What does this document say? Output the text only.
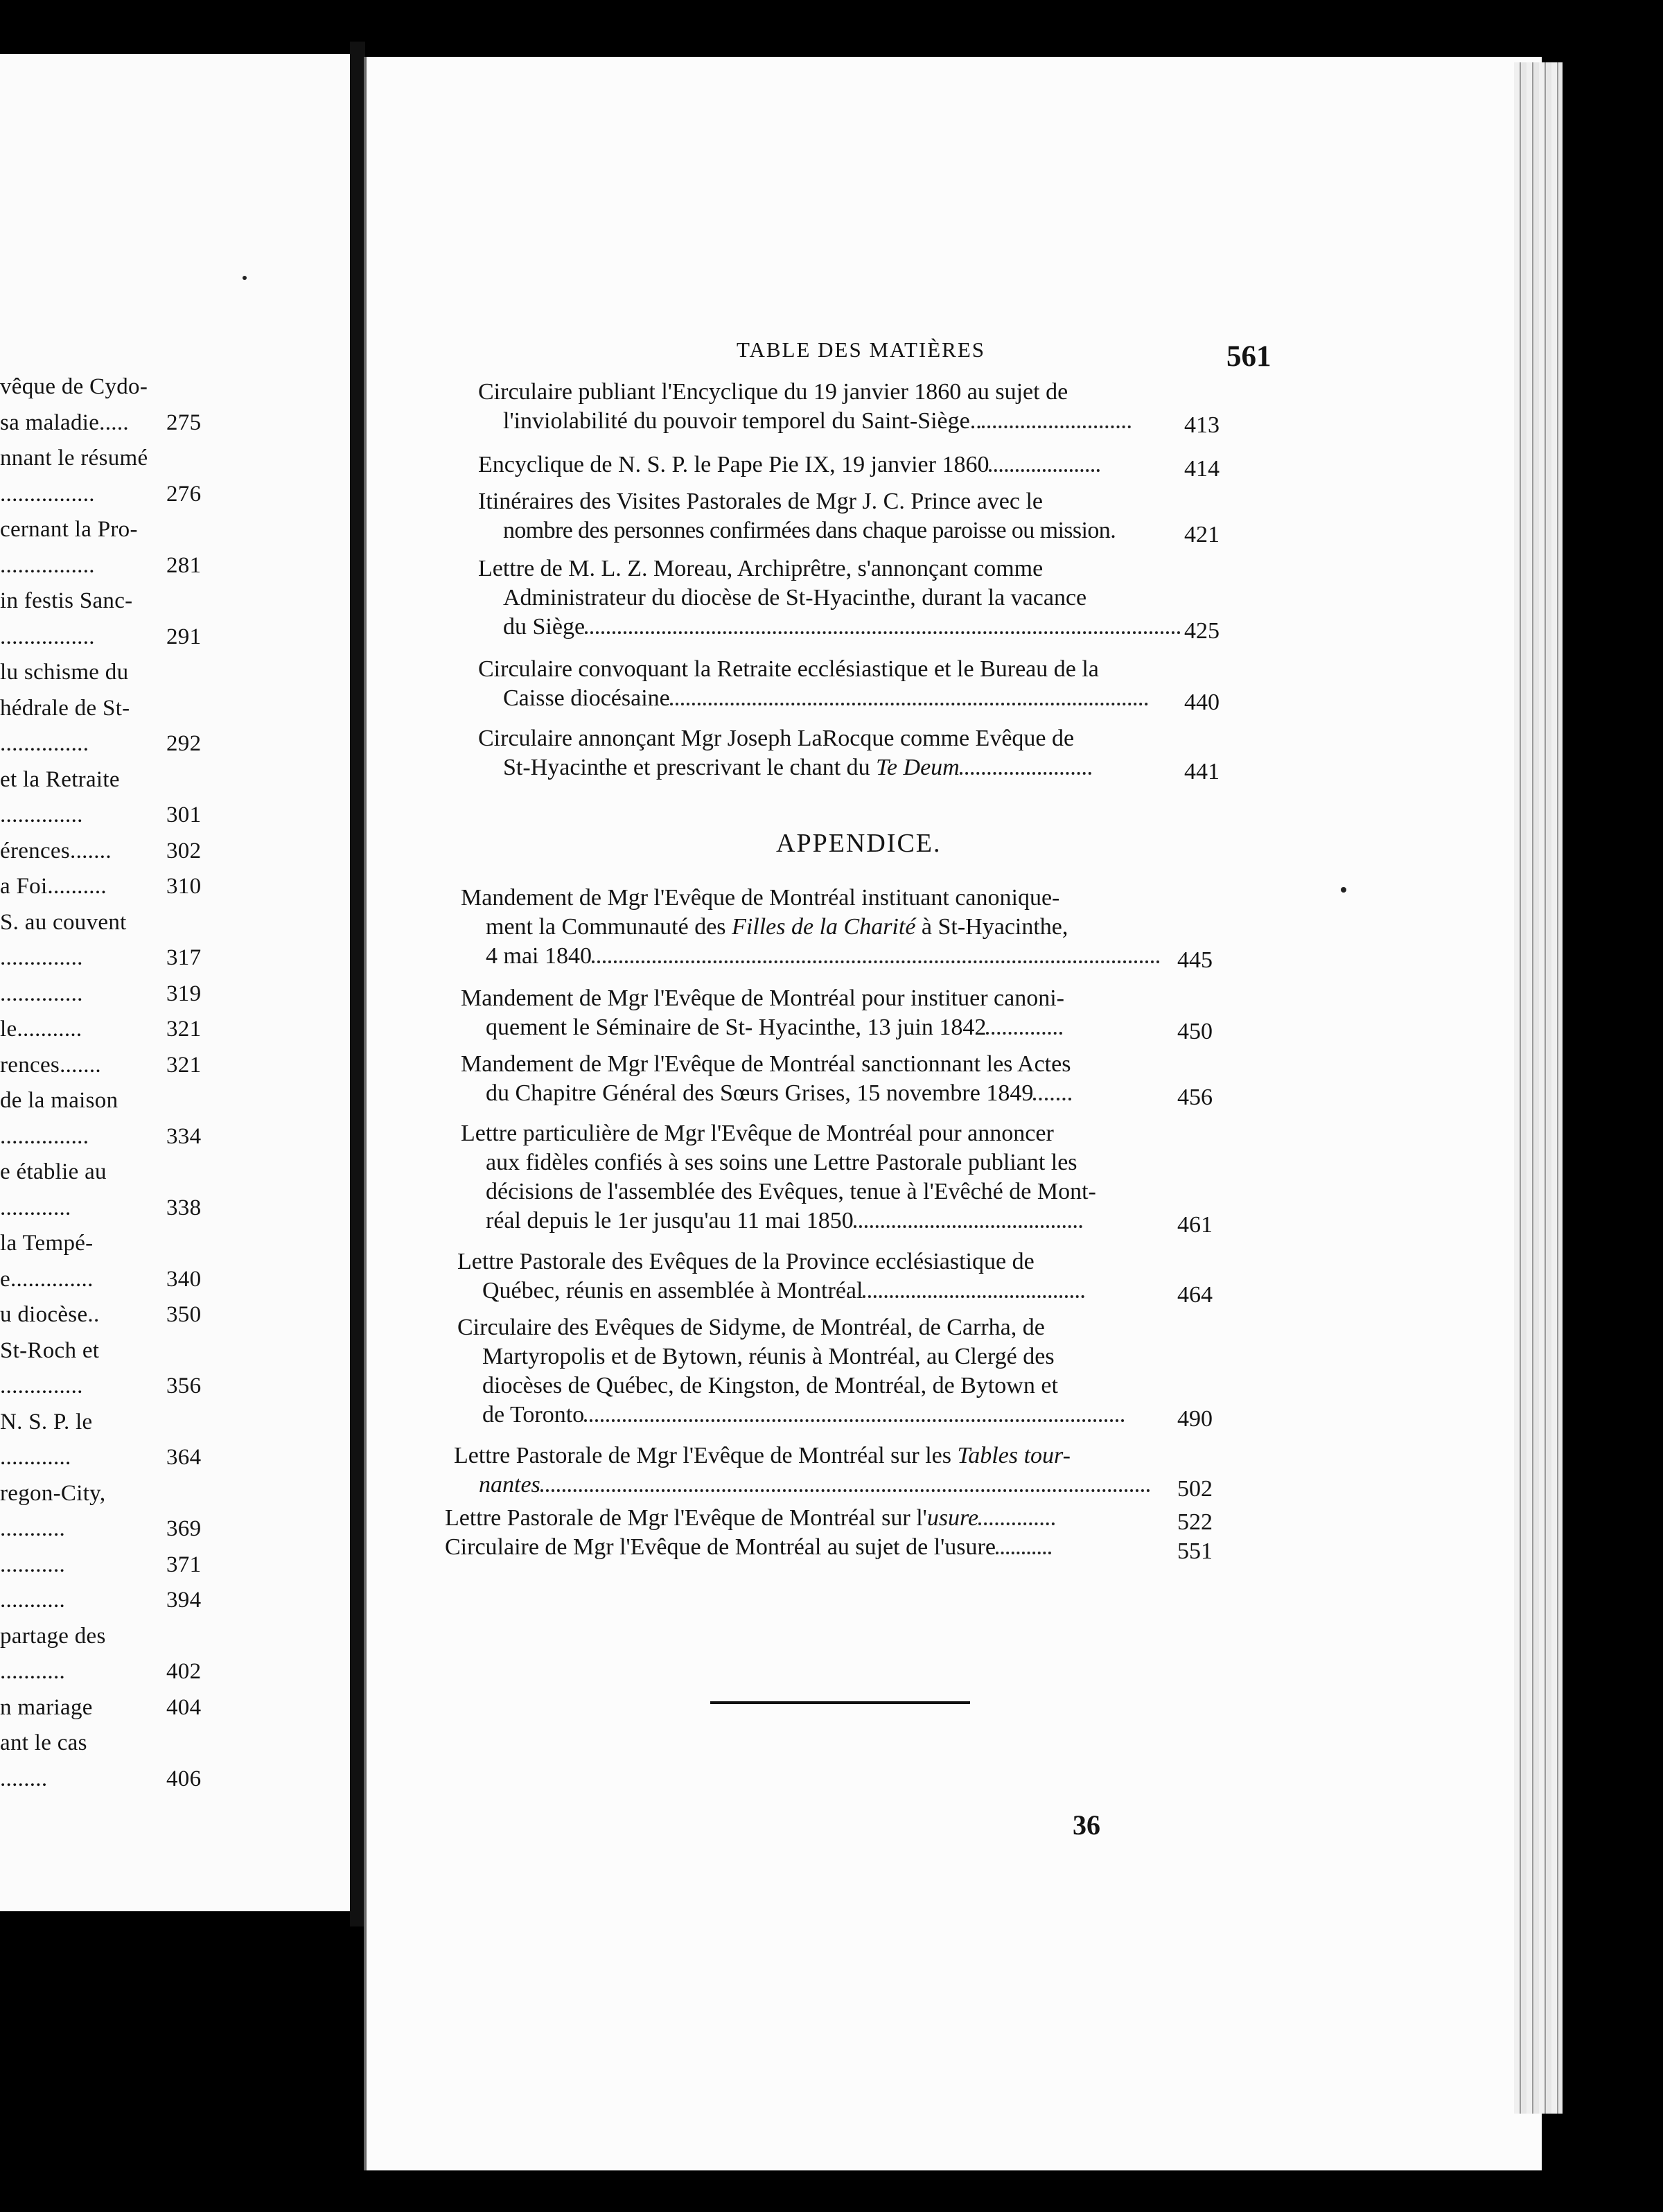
vêque de Cydo-
sa maladie.....	275
nnant le résumé
................	276
cernant la Pro-
................	281
in festis Sanc-
................	291
lu schisme du
hédrale de St-
...............	292
et la Retraite
..............	301
érences.......	302
a Foi..........	310
S. au couvent
..............	317
..............	319
le...........	321
rences.......	321
de la maison
...............	334
e établie au
............	338
la Tempé-
e..............	340
u diocèse..	350
St-Roch et
..............	356
N. S. P. le
............	364
regon-City,
...........	369
...........	371
...........	394
partage des
...........	402
n mariage	404
ant le cas
........	406
TABLE DES MATIÈRES	561
Circulaire publiant l'Encyclique du 19 janvier 1860 au sujet de
l'inviolabilité du pouvoir temporel du Saint-Siège..	413
Encyclique de N. S. P. le Pape Pie IX, 19 janvier 1860	414
Itinéraires des Visites Pastorales de Mgr J. C. Prince avec le
nombre des personnes confirmées dans chaque paroisse ou mission.	421
Lettre de M. L. Z. Moreau, Archiprêtre, s'annonçant comme
Administrateur du diocèse de St-Hyacinthe, durant la vacance
du Siège	425
Circulaire convoquant la Retraite ecclésiastique et le Bureau de la
Caisse diocésaine	440
Circulaire annonçant Mgr Joseph LaRocque comme Evêque de
St-Hyacinthe et prescrivant le chant du Te Deum	441
APPENDICE.
Mandement de Mgr l'Evêque de Montréal instituant canonique-
ment la Communauté des Filles de la Charité à St-Hyacinthe,
4 mai 1840	445
Mandement de Mgr l'Evêque de Montréal pour instituer canoni-
quement le Séminaire de St- Hyacinthe, 13 juin 1842	450
Mandement de Mgr l'Evêque de Montréal sanctionnant les Actes
du Chapitre Général des Sœurs Grises, 15 novembre 1849	456
Lettre particulière de Mgr l'Evêque de Montréal pour annoncer
aux fidèles confiés à ses soins une Lettre Pastorale publiant les
décisions de l'assemblée des Evêques, tenue à l'Evêché de Mont-
réal depuis le 1er jusqu'au 11 mai 1850	461
Lettre Pastorale des Evêques de la Province ecclésiastique de
Québec, réunis en assemblée à Montréal	464
Circulaire des Evêques de Sidyme, de Montréal, de Carrha, de
Martyropolis et de Bytown, réunis à Montréal, au Clergé des
diocèses de Québec, de Kingston, de Montréal, de Bytown et
de Toronto	490
Lettre Pastorale de Mgr l'Evêque de Montréal sur les Tables tour-
nantes	502
Lettre Pastorale de Mgr l'Evêque de Montréal sur l'usure	522
Circulaire de Mgr l'Evêque de Montréal au sujet de l'usure	551
36
